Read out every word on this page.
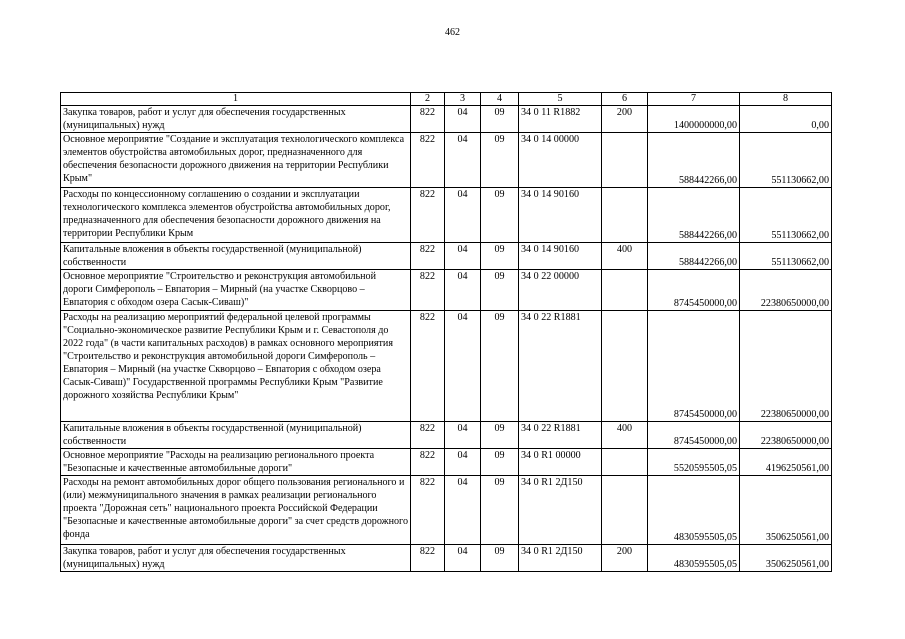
462
1	2	3	4	5	6	7	8
Закупка товаров, работ и услуг для обеспечения государственных (муниципальных) нужд	822	04	09	34 0 11 R1882	200	1400000000,00	0,00
Основное мероприятие "Создание и эксплуатация технологического комплекса элементов обустройства автомобильных дорог, предназначенного для обеспечения безопасности дорожного движения на территории Республики Крым"	822	04	09	34 0 14 00000		588442266,00	551130662,00
Расходы по концессионному соглашению о создании и эксплуатации технологического комплекса элементов обустройства автомобильных дорог, предназначенного для обеспечения безопасности дорожного движения на территории Республики Крым	822	04	09	34 0 14 90160		588442266,00	551130662,00
Капитальные вложения в объекты государственной (муниципальной) собственности	822	04	09	34 0 14 90160	400	588442266,00	551130662,00
Основное мероприятие "Строительство и реконструкция автомобильной дороги Симферополь – Евпатория – Мирный (на участке Скворцово – Евпатория с обходом озера Сасык-Сиваш)"	822	04	09	34 0 22 00000		8745450000,00	22380650000,00
Расходы на реализацию мероприятий федеральной целевой программы "Социально-экономическое развитие Республики Крым и г. Севастополя до 2022 года" (в части капитальных расходов) в рамках основного мероприятия "Строительство и реконструкция автомобильной дороги Симферополь – Евпатория – Мирный (на участке Скворцово – Евпатория с обходом озера Сасык-Сиваш)" Государственной программы Республики Крым "Развитие дорожного хозяйства Республики Крым"	822	04	09	34 0 22 R1881		8745450000,00	22380650000,00
Капитальные вложения в объекты государственной (муниципальной) собственности	822	04	09	34 0 22 R1881	400	8745450000,00	22380650000,00
Основное мероприятие "Расходы на реализацию регионального проекта "Безопасные и качественные автомобильные дороги"	822	04	09	34 0 R1 00000		5520595505,05	4196250561,00
Расходы на ремонт автомобильных дорог общего пользования регионального и (или) межмуниципального значения в рамках реализации регионального проекта "Дорожная сеть" национального проекта Российской Федерации "Безопасные и качественные автомобильные дороги" за счет средств дорожного фонда	822	04	09	34 0 R1 2Д150		4830595505,05	3506250561,00
Закупка товаров, работ и услуг для обеспечения государственных (муниципальных) нужд	822	04	09	34 0 R1 2Д150	200	4830595505,05	3506250561,00
